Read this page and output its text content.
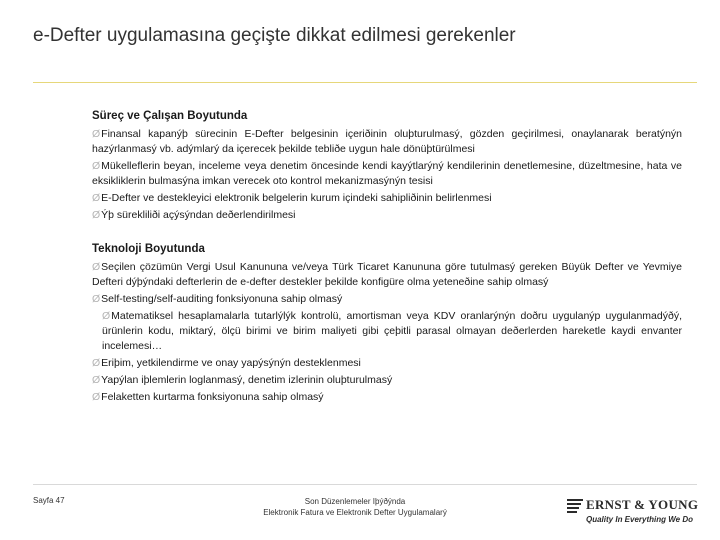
e-Defter uygulamasına geçişte dikkat edilmesi gerekenler
Süreç ve Çalışan Boyutunda
ØFinansal kapanýþ sürecinin E-Defter belgesinin içeriðinin oluþturulmasý, gözden geçirilmesi, onaylanarak beratýnýn hazýrlanmasý vb. adýmlarý da içerecek þekilde tebliðe uygun hale dönüþtürülmesi
ØMükelleflerin beyan, inceleme veya denetim öncesinde kendi kayýtlarýný kendilerinin denetlemesine, düzeltmesine, hata ve eksikliklerin bulmasýna imkan verecek oto kontrol mekanizmasýnýn tesisi
ØE-Defter ve destekleyici elektronik belgelerin kurum içindeki sahipliðinin belirlenmesi
ØÝþ sürekliliði açýsýndan deðerlendirilmesi
Teknoloji Boyutunda
ØSeçilen çözümün Vergi Usul Kanununa ve/veya Türk Ticaret Kanununa göre tutulmasý gereken Büyük Defter ve Yevmiye Defteri dýþýndaki defterlerin de e-defter destekler þekilde konfigüre olma yeteneðine sahip olmasý
ØSelf-testing/self-auditing fonksiyonuna sahip olmasý
ØMatematiksel hesaplamalarla tutarlýlýk kontrolü, amortisman veya KDV oranlarýnýn doðru uygulanýp uygulanmadýðý, ürünlerin kodu, miktarý, ölçü birimi ve birim maliyeti gibi çeþitli parasal olmayan deðerlerden hareketle kaydi envanter incelemesi…
ØEriþim, yetkilendirme ve onay yapýsýnýn desteklenmesi
ØYapýlan iþlemlerin loglanmasý, denetim izlerinin oluþturulmasý
ØFelaketten kurtarma fonksiyonuna sahip olmasý
Sayfa 47	Son Düzenlemeler Iþýðýnda
Elektronik Fatura ve Elektronik Defter Uygulamalarý
ERNST & YOUNG
Quality In Everything We Do
